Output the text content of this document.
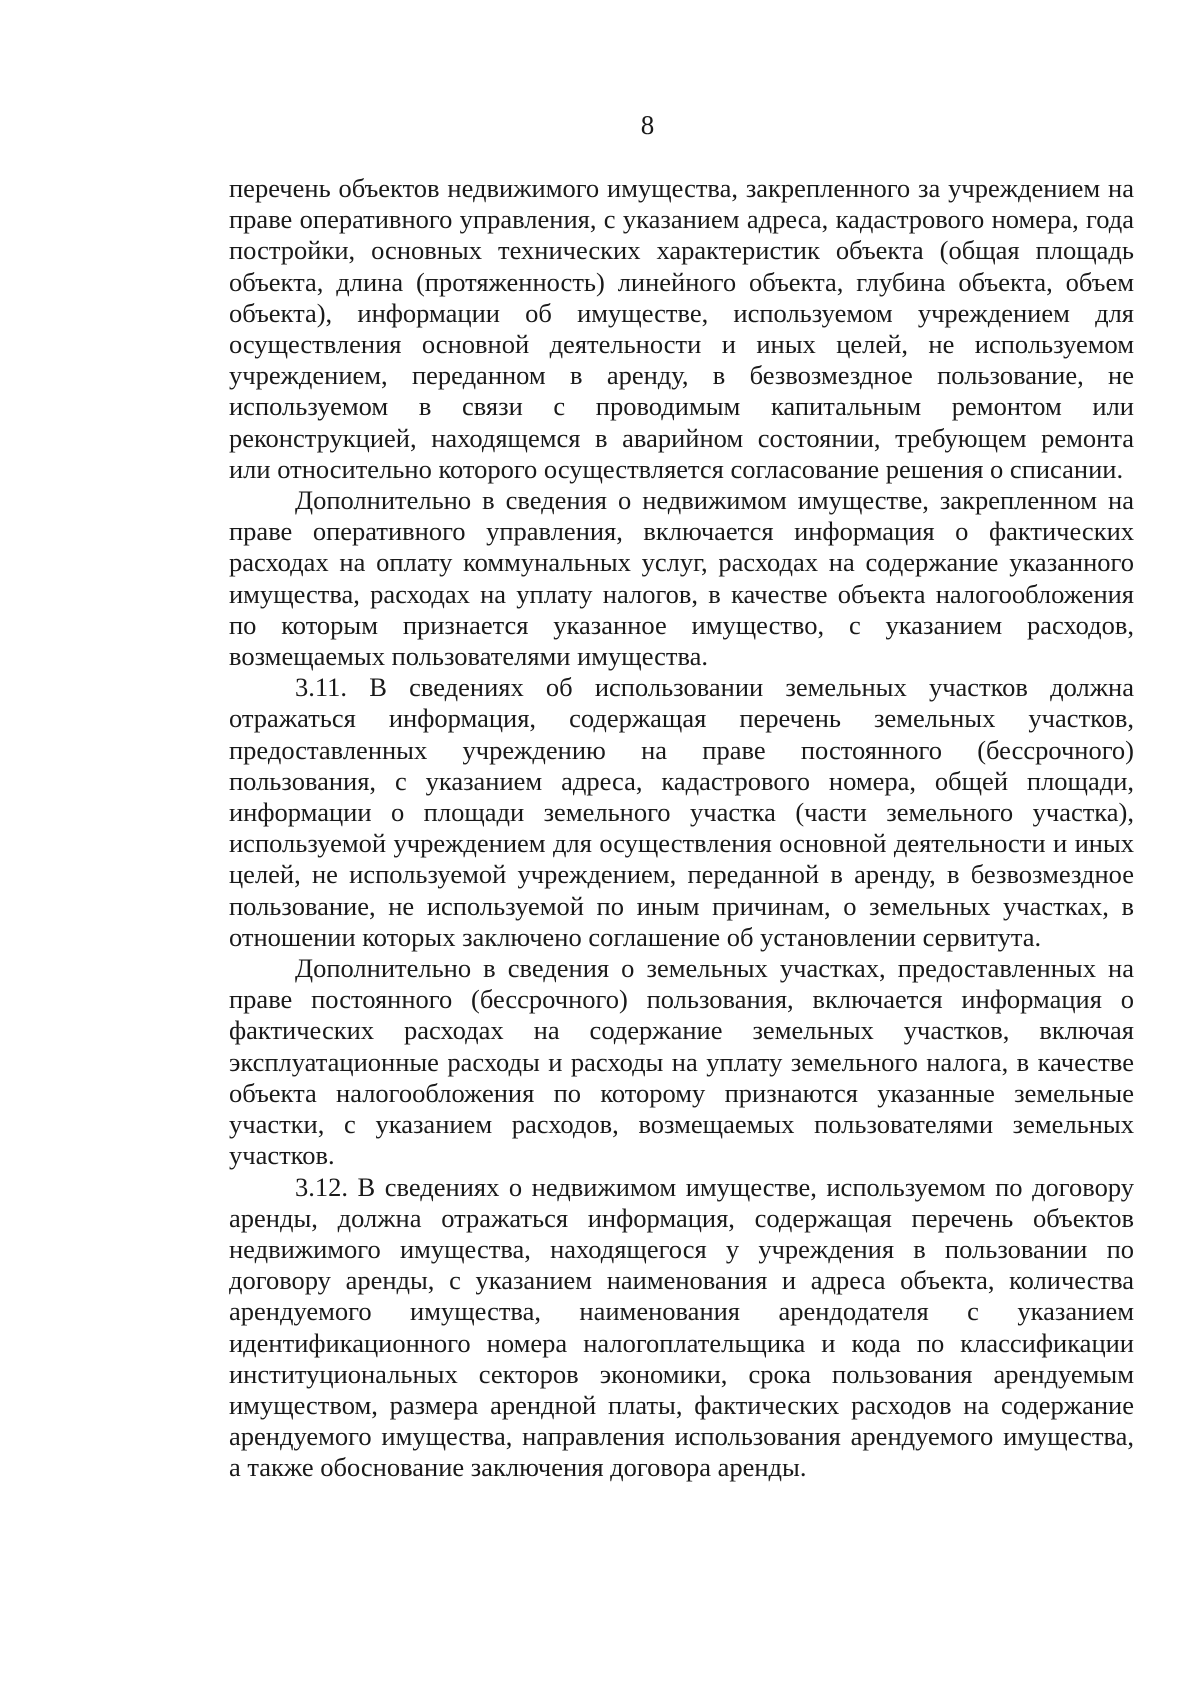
8

перечень объектов недвижимого имущества, закрепленного за учреждением на праве оперативного управления, с указанием адреса, кадастрового номера, года постройки, основных технических характеристик объекта (общая площадь объекта, длина (протяженность) линейного объекта, глубина объекта, объем объекта), информации об имуществе, используемом учреждением для осуществления основной деятельности и иных целей, не используемом учреждением, переданном в аренду, в безвозмездное пользование, не используемом в связи с проводимым капитальным ремонтом или реконструкцией, находящемся в аварийном состоянии, требующем ремонта или относительно которого осуществляется согласование решения о списании.

Дополнительно в сведения о недвижимом имуществе, закрепленном на праве оперативного управления, включается информация о фактических расходах на оплату коммунальных услуг, расходах на содержание указанного имущества, расходах на уплату налогов, в качестве объекта налогообложения по которым признается указанное имущество, с указанием расходов, возмещаемых пользователями имущества.

3.11. В сведениях об использовании земельных участков должна отражаться информация, содержащая перечень земельных участков, предоставленных учреждению на праве постоянного (бессрочного) пользования, с указанием адреса, кадастрового номера, общей площади, информации о площади земельного участка (части земельного участка), используемой учреждением для осуществления основной деятельности и иных целей, не используемой учреждением, переданной в аренду, в безвозмездное пользование, не используемой по иным причинам, о земельных участках, в отношении которых заключено соглашение об установлении сервитута.

Дополнительно в сведения о земельных участках, предоставленных на праве постоянного (бессрочного) пользования, включается информация о фактических расходах на содержание земельных участков, включая эксплуатационные расходы и расходы на уплату земельного налога, в качестве объекта налогообложения по которому признаются указанные земельные участки, с указанием расходов, возмещаемых пользователями земельных участков.

3.12. В сведениях о недвижимом имуществе, используемом по договору аренды, должна отражаться информация, содержащая перечень объектов недвижимого имущества, находящегося у учреждения в пользовании по договору аренды, с указанием наименования и адреса объекта, количества арендуемого имущества, наименования арендодателя с указанием идентификационного номера налогоплательщика и кода по классификации институциональных секторов экономики, срока пользования арендуемым имуществом, размера арендной платы, фактических расходов на содержание арендуемого имущества, направления использования арендуемого имущества, а также обоснование заключения договора аренды.
